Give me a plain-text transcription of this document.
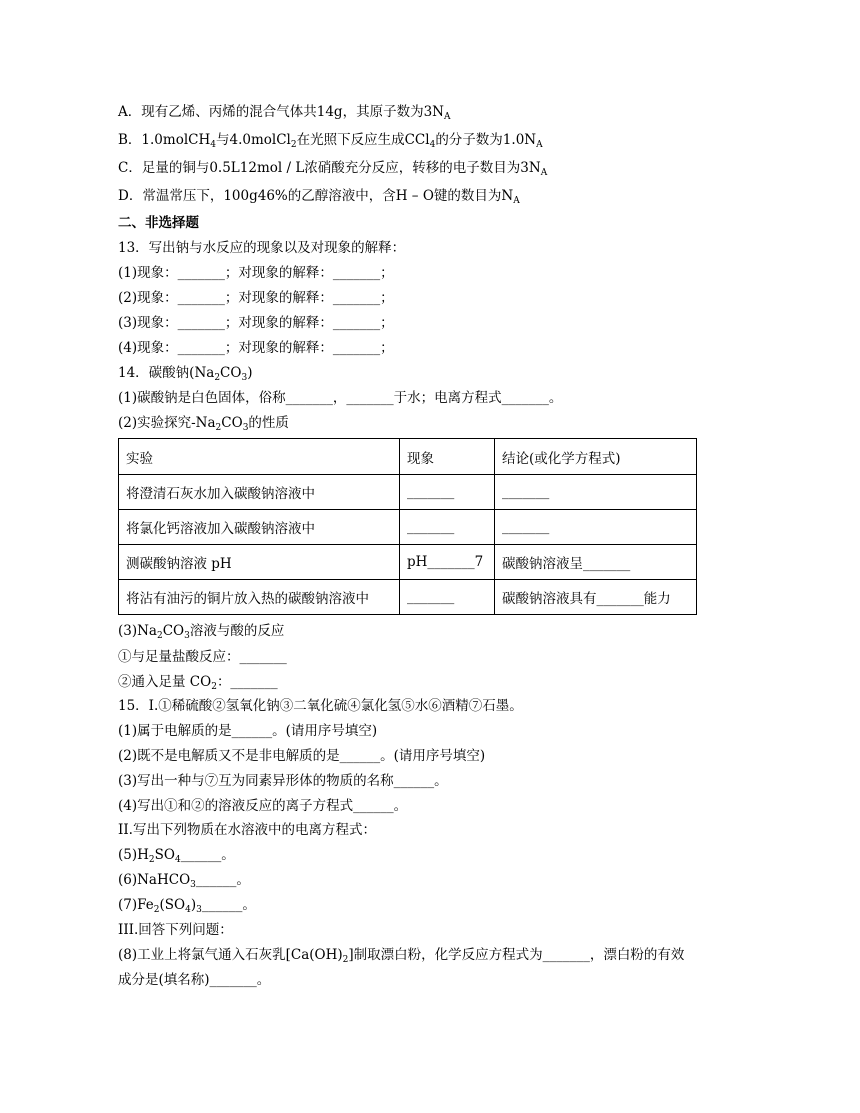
A．现有乙烯、丙烯的混合气体共14g，其原子数为$3N_A$
B．1.0molCH$_4$与4.0molCl$_2$在光照下反应生成CCl$_4$的分子数为$1.0N_A$
C．足量的铜与0.5L12mol / L浓硝酸充分反应，转移的电子数目为$3N_A$
D．常温常压下，100g46%的乙醇溶液中，含H – O键的数目为$N_A$
二、非选择题
13．写出钠与水反应的现象以及对现象的解释：
(1)现象：_______；对现象的解释：_______；
(2)现象：_______；对现象的解释：_______；
(3)现象：_______；对现象的解释：_______；
(4)现象：_______；对现象的解释：_______；
14．碳酸钠$(Na_2CO_3)$
(1)碳酸钠是白色固体，俗称_______，_______于水；电离方程式_______。
(2)实验探究$-Na_2CO_3$的性质
实验	现象	结论(或化学方程式)
将澄清石灰水加入碳酸钠溶液中	_______	_______
将氯化钙溶液加入碳酸钠溶液中	_______	_______
测碳酸钠溶液 pH	pH_______7	碳酸钠溶液呈_______
将沾有油污的铜片放入热的碳酸钠溶液中	_______	碳酸钠溶液具有_______能力
$(3)Na_2CO_3$溶液与酸的反应
①与足量盐酸反应：_______
②通入足量 $CO_2$：_______
15．I.①稀硫酸②氢氧化钠③二氧化硫④氯化氢⑤水⑥酒精⑦石墨。
(1)属于电解质的是______。(请用序号填空)
(2)既不是电解质又不是非电解质的是______。(请用序号填空)
(3)写出一种与⑦互为同素异形体的物质的名称______。
(4)写出①和②的溶液反应的离子方程式______。
II.写出下列物质在水溶液中的电离方程式：
$(5)H_2SO_4\_\_\_\_\_\_$。
(6)NaHCO$_3$______。
$(7)Fe_2(SO_4)_3\_\_\_\_\_\_$。
III.回答下列问题：
(8)工业上将氯气通入石灰乳$[Ca(OH)_2]$制取漂白粉，化学反应方程式为_______，漂白粉的有效
成分是(填名称)_______。
